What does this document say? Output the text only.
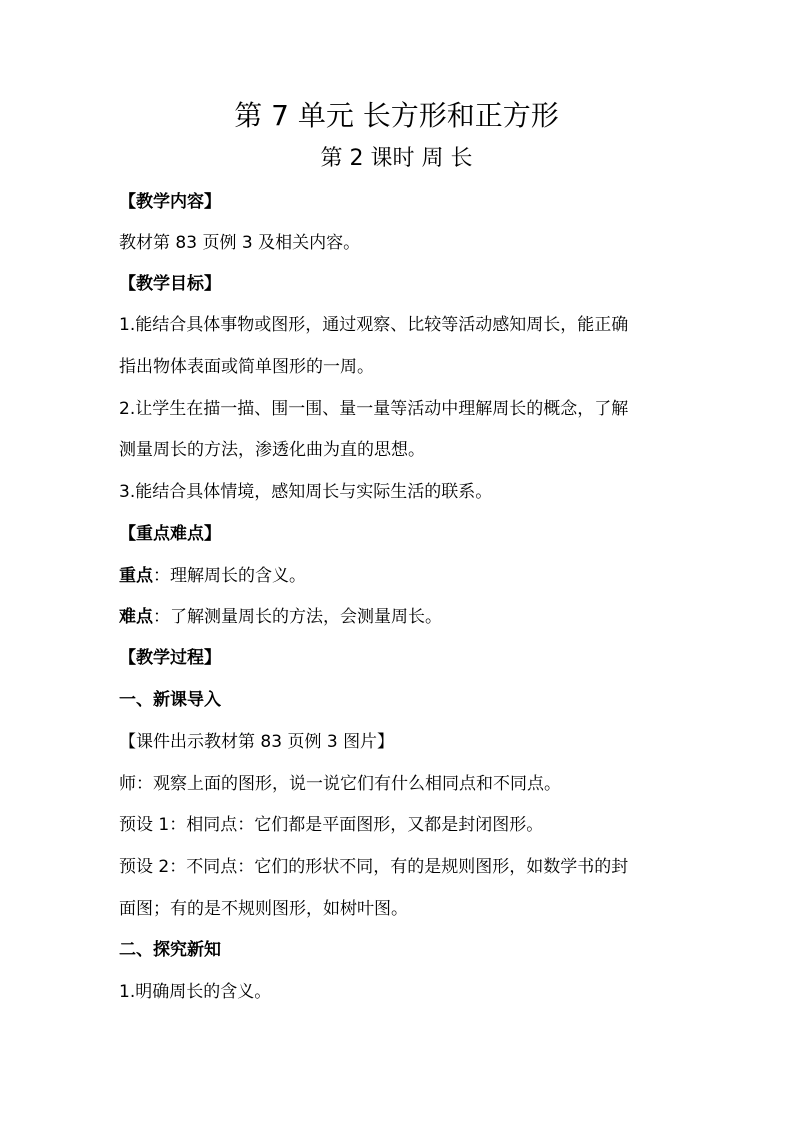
第 7 单元 长方形和正方形
第 2 课时 周 长
【教学内容】
教材第 83 页例 3 及相关内容。
【教学目标】
1.能结合具体事物或图形，通过观察、比较等活动感知周长，能正确
指出物体表面或简单图形的一周。
2.让学生在描一描、围一围、量一量等活动中理解周长的概念，了解
测量周长的方法，渗透化曲为直的思想。
3.能结合具体情境，感知周长与实际生活的联系。
【重点难点】
重点：理解周长的含义。
难点：了解测量周长的方法，会测量周长。
【教学过程】
一、新课导入
【课件出示教材第 83 页例 3 图片】
师：观察上面的图形，说一说它们有什么相同点和不同点。
预设 1：相同点：它们都是平面图形，又都是封闭图形。
预设 2：不同点：它们的形状不同，有的是规则图形，如数学书的封
面图；有的是不规则图形，如树叶图。
二、探究新知
1.明确周长的含义。
